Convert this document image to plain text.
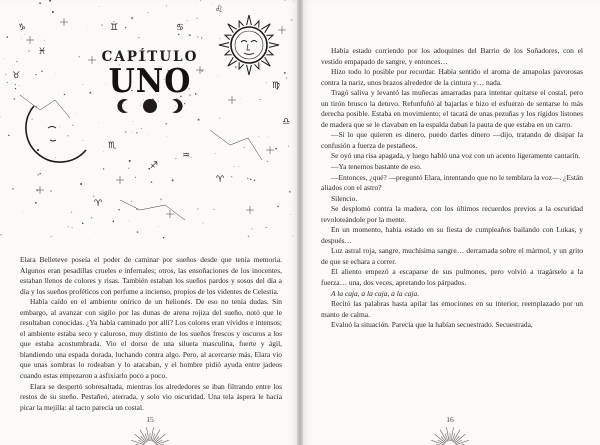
♑
♉
♓
♊	♋
♌
♍
♎
♏
♐
♒
♈
♈
CAPÍTULO
UNO

Elara Belleteve poseía el poder de caminar por sueños desde que tenía memoria. Algunos eran pesadillas crueles e infernales; otros, las ensoñaciones de los inocentes, estaban llenos de colores y risas. También estaban los sueños pardos y sosos del día a día y los sueños proféticos con perfume a incienso, propios de los videntes de Celestia.

Había caído en el ambiente onírico de un helionés. De eso no tenía dudas. Sin embargo, al avanzar con sigilo por las dunas de arena rojiza del sueño, notó que le resultaban conocidas. ¿Ya había caminado por allí? Los colores eran vívidos e intensos; el ambiente estaba seco y caluroso, muy distinto de los sueños frescos y oscuros a los que estaba acostumbrada. Vio el dorso de una silueta masculina, fuerte y ágil, blandiendo una espada dorada, luchando contra algo. Pero, al acercarse más, Elara vio que unas sombras lo rodeaban y lo atacaban, y el hombre pidió ayuda entre jadeos cuando estas empezaron a asfixiarlo poco a poco.

Elara se despertó sobresaltada, mientras los alrededores se iban filtrando entre los restos de su sueño. Pestañeó, aterrada, y solo vio oscuridad. Una tela áspera le hacía picar la mejilla: al tacto parecía un costal.

15

Había estado corriendo por los adoquines del Barrio de los Soñadores, con el vestido empapado de sangre, y entonces…

Hizo todo lo posible por recordar. Había sentido el aroma de amapolas pavorosas contra la nariz, unos brazos alrededor de la cintura y… nada.

Tragó saliva y levantó las muñecas amarradas para intentar quitarse el costal, pero un tirón brusco la detuvo. Refunfuñó al bajarlas e hizo el esfuerzo de sentarse lo más derecha posible. Estaba en movimiento; el tacatá de unas pezuñas y los rígidos listones de madera que se le clavaban en la espalda daban la pauta de que estaba en un carro.

—Si lo que quieren es dinero, puedo darles dinero —dijo, tratando de disipar la confusión a fuerza de pestañeos.

Se oyó una risa apagada, y luego habló una voz con un acento ligeramente cantarín.

—Ya tenemos bastante de eso.

—Entonces, ¿qué? —preguntó Elara, intentando que no le temblara la voz—. ¿Están aliados con el astro?

Silencio.

Se desplomó contra la madera, con los últimos recuerdos previos a la oscuridad revoloteándole por la mente.

En un momento, había estado en su fiesta de cumpleaños bailando con Lukas, y después…

Luz astral roja, sangre, muchísima sangre… derramada sobre el mármol, y un grito de que se echara a correr.

El aliento empezó a escaparse de sus pulmones, pero volvió a tragárselo a la fuerza… una, dos veces, apretando los párpados.

A la caja, a la caja, a la caja.

Recitó las palabras hasta apilar las emociones en su interior, reemplazado por un manto de calma.

Evaluó la situación. Parecía que la habían secuestrado. Secuestrada,

16
